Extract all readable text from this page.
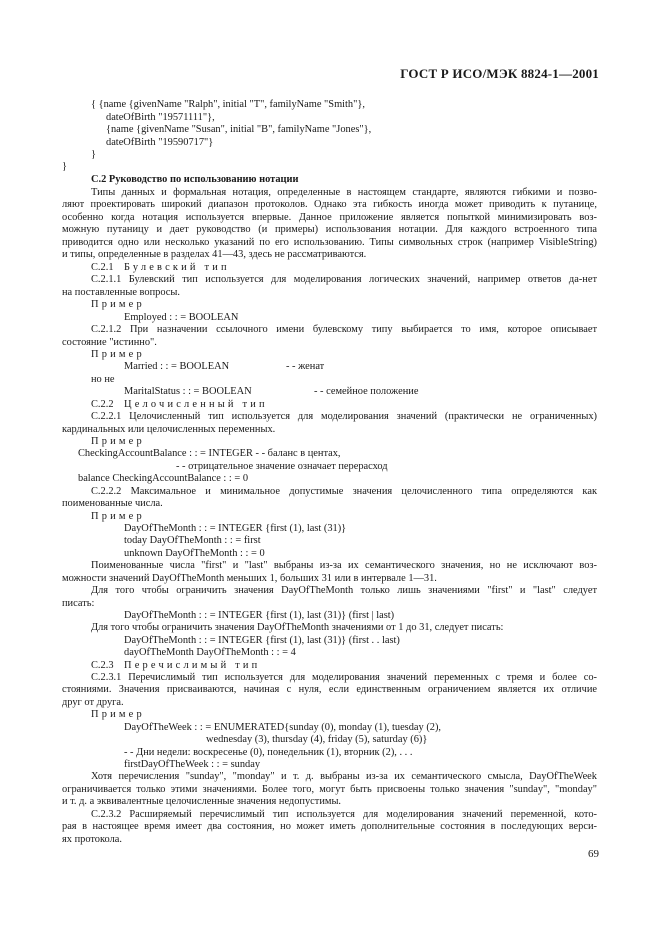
ГОСТ Р ИСО/МЭК 8824-1—2001
{ {name {givenName "Ralph", initial "T", familyName "Smith"},
dateOfBirth "19571111"},
{name {givenName "Susan", initial "B", familyName "Jones"},
dateOfBirth "19590717"}
}
}
С.2 Руководство по использованию нотации
Типы данных и формальная нотация, определенные в настоящем стандарте, являются гибкими и позво-
ляют проектировать широкий диапазон протоколов. Однако эта гибкость иногда может приводить к путанице,
особенно когда нотация используется впервые. Данное приложение является попыткой минимизировать воз-
можную путаницу и дает руководство (и примеры) использования нотации. Для каждого встроенного типа
приводится одно или несколько указаний по его использованию. Типы символьных строк (например VisibleString)
и типы, определенные в разделах 41—43, здесь не рассматриваются.
С.2.1 Булевский тип
С.2.1.1 Булевский тип используется для моделирования логических значений, например ответов да-нет
на поставленные вопросы.
Пример
Employed : : = BOOLEAN
С.2.1.2 При назначении ссылочного имени булевскому типу выбирается то имя, которое описывает
состояние "истинно".
Пример
Married : : = BOOLEAN	- - женат
но не
MaritalStatus : : = BOOLEAN	- - семейное положение
С.2.2 Целочисленный тип
С.2.2.1 Целочисленный тип используется для моделирования значений (практически не ограниченных)
кардинальных или целочисленных переменных.
Пример
CheckingAccountBalance : : = INTEGER - - баланс в центах,
- - отрицательное значение означает перерасход
balance CheckingAccountBalance : : = 0
С.2.2.2 Максимальное и минимальное допустимые значения целочисленного типа определяются как
поименованные числа.
Пример
DayOfTheMonth : : = INTEGER {first (1), last (31)}
today DayOfTheMonth : : = first
unknown DayOfTheMonth : : = 0
Поименованные числа "first" и "last" выбраны из-за их семантического значения, но не исключают воз-
можности значений DayOfTheMonth меньших 1, больших 31 или в интервале 1—31.
Для того чтобы ограничить значения DayOfTheMonth только лишь значениями "first" и "last" следует
писать:
DayOfTheMonth : : = INTEGER {first (1), last (31)} (first | last)
Для того чтобы ограничить значения DayOfTheMonth значениями от 1 до 31, следует писать:
DayOfTheMonth : : = INTEGER {first (1), last (31)} (first . . last)
dayOfTheMonth DayOfTheMonth : : = 4
С.2.3 Перечислимый тип
С.2.3.1 Перечислимый тип используется для моделирования значений переменных с тремя и более со-
стояниями. Значения присваиваются, начиная с нуля, если единственным ограничением является их отличие
друг от друга.
Пример
DayOfTheWeek : : = ENUMERATED{sunday (0), monday (1), tuesday (2),
wednesday (3), thursday (4), friday (5), saturday (6)}
- - Дни недели: воскресенье (0), понедельник (1), вторник (2), . . .
firstDayOfTheWeek : : = sunday
Хотя перечисления "sunday", "monday" и т. д. выбраны из-за их семантического смысла, DayOfTheWeek
ограничивается только этими значениями. Более того, могут быть присвоены только значения "sunday", "monday"
и т. д. а эквивалентные целочисленные значения недопустимы.
С.2.3.2 Расширяемый перечислимый тип используется для моделирования значений переменной, кото-
рая в настоящее время имеет два состояния, но может иметь дополнительные состояния в последующих верси-
ях протокола.
69
